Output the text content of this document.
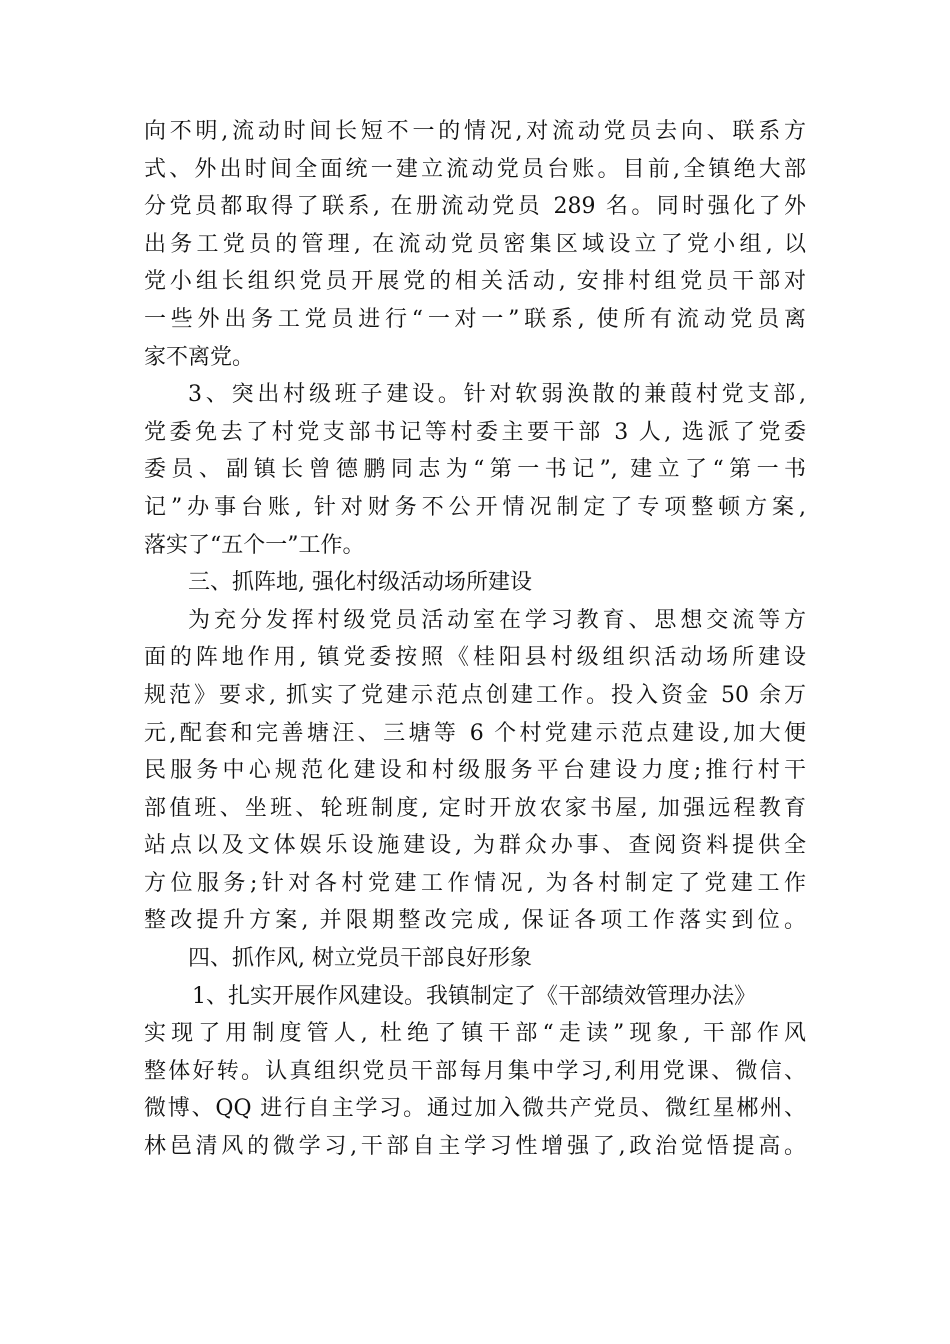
向不明,流动时间长短不一的情况,对流动党员去向、联系方
式、外出时间全面统一建立流动党员台账。目前,全镇绝大部
分党员都取得了联系, 在册流动党员 289 名。同时强化了外
出务工党员的管理, 在流动党员密集区域设立了党小组, 以
党小组长组织党员开展党的相关活动, 安排村组党员干部对
一些外出务工党员进行“一对一”联系, 使所有流动党员离
家不离党。
3、突出村级班子建设。针对软弱涣散的兼葭村党支部,
党委免去了村党支部书记等村委主要干部 3 人, 选派了党委
委员、副镇长曾德鹏同志为“第一书记”, 建立了“第一书
记”办事台账, 针对财务不公开情况制定了专项整顿方案,
落实了“五个一”工作。
三、抓阵地, 强化村级活动场所建设
为充分发挥村级党员活动室在学习教育、思想交流等方
面的阵地作用, 镇党委按照《桂阳县村级组织活动场所建设
规范》要求, 抓实了党建示范点创建工作。投入资金 50 余万
元,配套和完善塘汪、三塘等 6 个村党建示范点建设,加大便
民服务中心规范化建设和村级服务平台建设力度;推行村干
部值班、坐班、轮班制度, 定时开放农家书屋, 加强远程教育
站点以及文体娱乐设施建设, 为群众办事、查阅资料提供全
方位服务;针对各村党建工作情况, 为各村制定了党建工作
整改提升方案, 并限期整改完成, 保证各项工作落实到位。
四、抓作风, 树立党员干部良好形象
1、扎实开展作风建设。我镇制定了《干部绩效管理办法》
实现了用制度管人, 杜绝了镇干部“走读”现象, 干部作风
整体好转。认真组织党员干部每月集中学习,利用党课、微信、
微博、QQ 进行自主学习。通过加入微共产党员、微红星郴州、
林邑清风的微学习,干部自主学习性增强了,政治觉悟提高。
